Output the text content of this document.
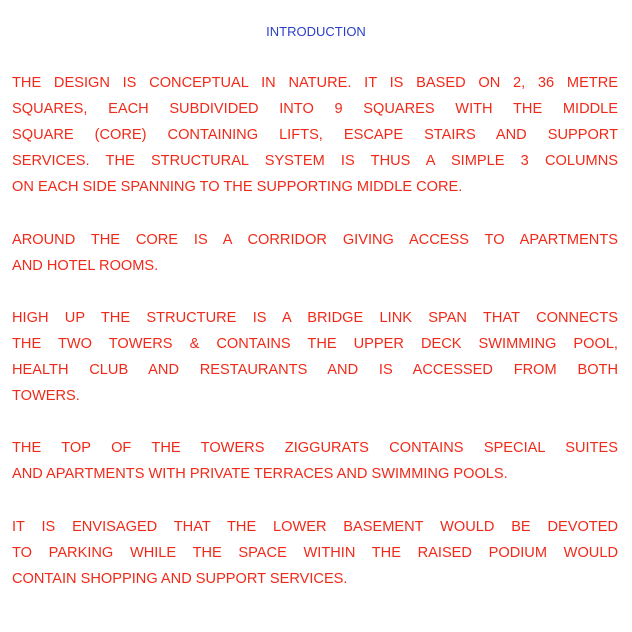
INTRODUCTION
THE DESIGN IS CONCEPTUAL IN NATURE. IT IS BASED ON 2, 36 METRE
SQUARES, EACH SUBDIVIDED INTO 9 SQUARES WITH THE MIDDLE
SQUARE (CORE) CONTAINING LIFTS, ESCAPE STAIRS AND SUPPORT
SERVICES. THE STRUCTURAL SYSTEM IS THUS A SIMPLE 3 COLUMNS
ON EACH SIDE SPANNING TO THE SUPPORTING MIDDLE CORE.
AROUND THE CORE IS A CORRIDOR GIVING ACCESS TO APARTMENTS
AND HOTEL ROOMS.
HIGH UP THE STRUCTURE IS A BRIDGE LINK SPAN THAT CONNECTS
THE TWO TOWERS & CONTAINS THE UPPER DECK SWIMMING POOL,
HEALTH CLUB AND RESTAURANTS AND IS ACCESSED FROM BOTH
TOWERS.
THE TOP OF THE TOWERS ZIGGURATS CONTAINS SPECIAL SUITES
AND APARTMENTS WITH PRIVATE TERRACES AND SWIMMING POOLS.
IT IS ENVISAGED THAT THE LOWER BASEMENT WOULD BE DEVOTED
TO PARKING WHILE THE SPACE WITHIN THE RAISED PODIUM WOULD
CONTAIN SHOPPING AND SUPPORT SERVICES.
